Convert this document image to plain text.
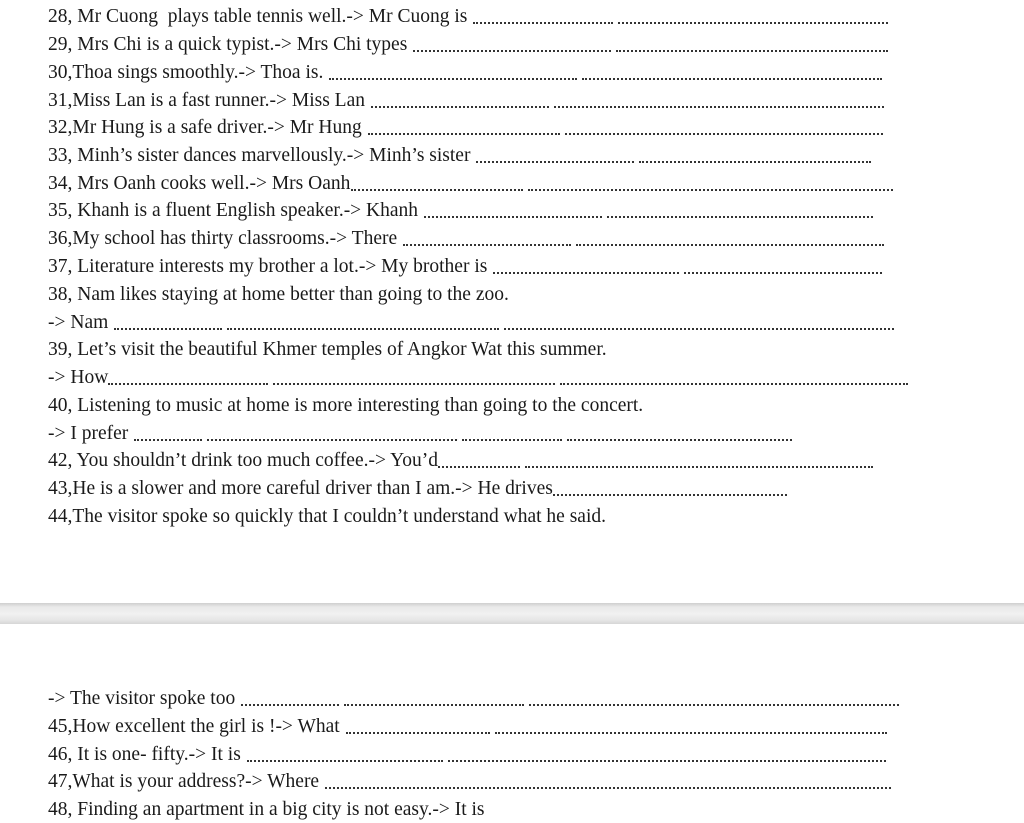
28, Mr Cuong  plays table tennis well.-> Mr Cuong is
29, Mrs Chi is a quick typist.-> Mrs Chi types
30,Thoa sings smoothly.-> Thoa is.
31,Miss Lan is a fast runner.-> Miss Lan
32,Mr Hung is a safe driver.-> Mr Hung
33, Minh’s sister dances marvellously.-> Minh’s sister
34, Mrs Oanh cooks well.-> Mrs Oanh
35, Khanh is a fluent English speaker.-> Khanh
36,My school has thirty classrooms.-> There
37, Literature interests my brother a lot.-> My brother is
38, Nam likes staying at home better than going to the zoo.
-> Nam
39, Let’s visit the beautiful Khmer temples of Angkor Wat this summer.
-> How
40, Listening to music at home is more interesting than going to the concert.
-> I prefer
42, You shouldn’t drink too much coffee.-> You’d
43,He is a slower and more careful driver than I am.-> He drives
44,The visitor spoke so quickly that I couldn’t understand what he said.
-> The visitor spoke too
45,How excellent the girl is !-> What
46, It is one- fifty.-> It is
47,What is your address?-> Where
48, Finding an apartment in a big city is not easy.-> It is
